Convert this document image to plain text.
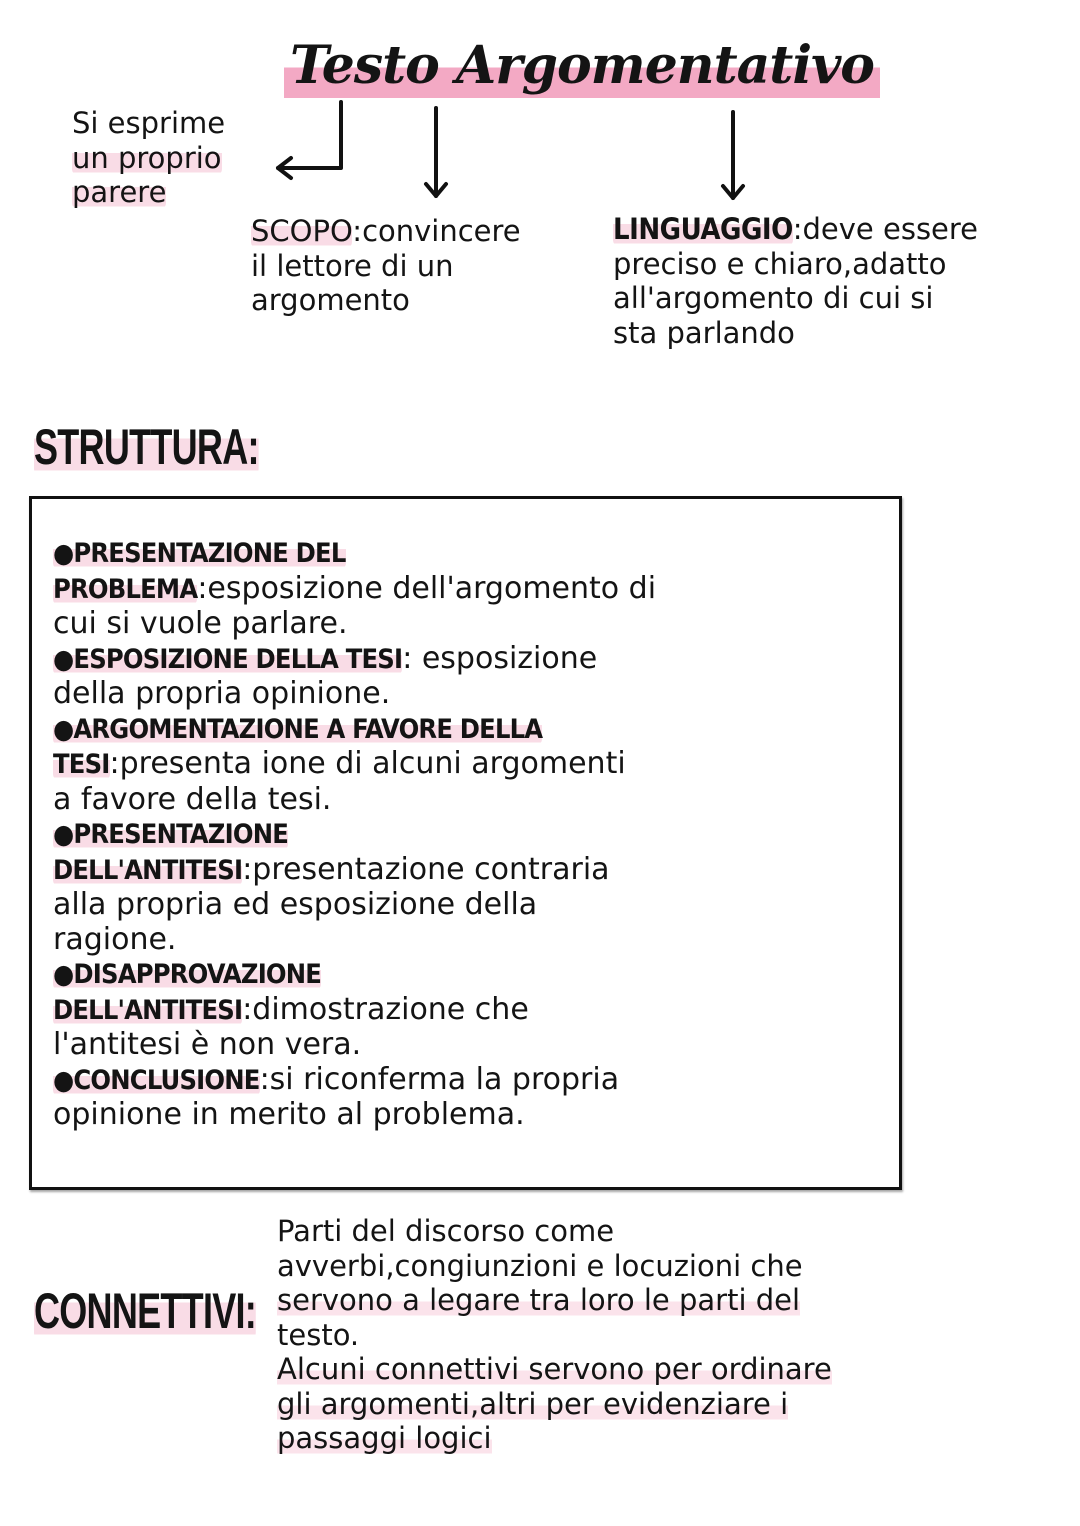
Testo Argomentativo
Si esprime
un proprio
parere
SCOPO:convincere
il lettore di un
argomento
LINGUAGGIO:deve essere
preciso e chiaro,adatto
all'argomento di cui si
sta parlando
STRUTTURA:
●PRESENTAZIONE DEL
PROBLEMA:esposizione dell'argomento di
cui si vuole parlare.
●ESPOSIZIONE DELLA TESI: esposizione
della propria opinione.
●ARGOMENTAZIONE A FAVORE DELLA
TESI:presenta ione di alcuni argomenti
a favore della tesi.
●PRESENTAZIONE
DELL'ANTITESI:presentazione contraria
alla propria ed esposizione della
ragione.
●DISAPPROVAZIONE
DELL'ANTITESI:dimostrazione che
l'antitesi è non vera.
●CONCLUSIONE:si riconferma la propria
opinione in merito al problema.
CONNETTIVI:
Parti del discorso come
avverbi,congiunzioni e locuzioni che
servono a legare tra loro le parti del
testo.
Alcuni connettivi servono per ordinare
gli argomenti,altri per evidenziare i
passaggi logici
